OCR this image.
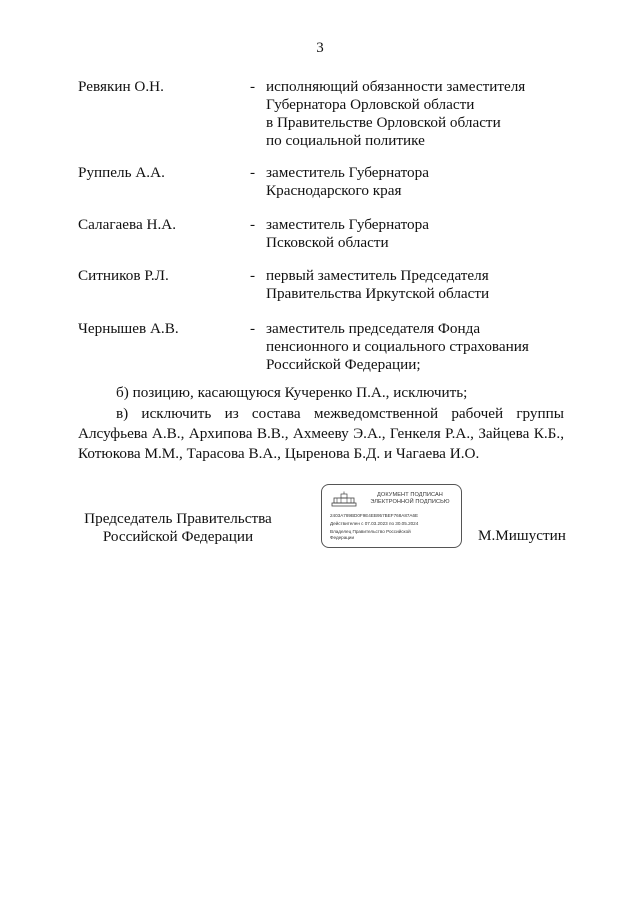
3
Ревякин О.Н.	- исполняющий обязанности заместителя
Губернатора Орловской области
в Правительстве Орловской области
по социальной политике
Руппель А.А.	- заместитель Губернатора
Краснодарского края
Салагаева Н.А.	- заместитель Губернатора
Псковской области
Ситников Р.Л.	- первый заместитель Председателя
Правительства Иркутской области
Чернышев А.В.	- заместитель председателя Фонда
пенсионного и социального страхования
Российской Федерации;
б) позицию, касающуюся Кучеренко П.А., исключить;
в) исключить из состава межведомственной рабочей группы Алсуфьева А.В., Архипова В.В., Ахмееву Э.А., Генкеля Р.А., Зайцева К.Б., Котюкова М.М., Тарасова В.А., Цыренова Б.Д. и Чагаева И.О.
Председатель Правительства
Российской Федерации
ДОКУМЕНТ ПОДПИСАН
ЭЛЕКТРОННОЙ ПОДПИСЬЮ
2403A789BD0F9E4EB957BEF768A87A6E
Действителен с 07.03.2023 по 30.05.2024
Владелец Правительство Российской
Федерации	М.Мишустин
